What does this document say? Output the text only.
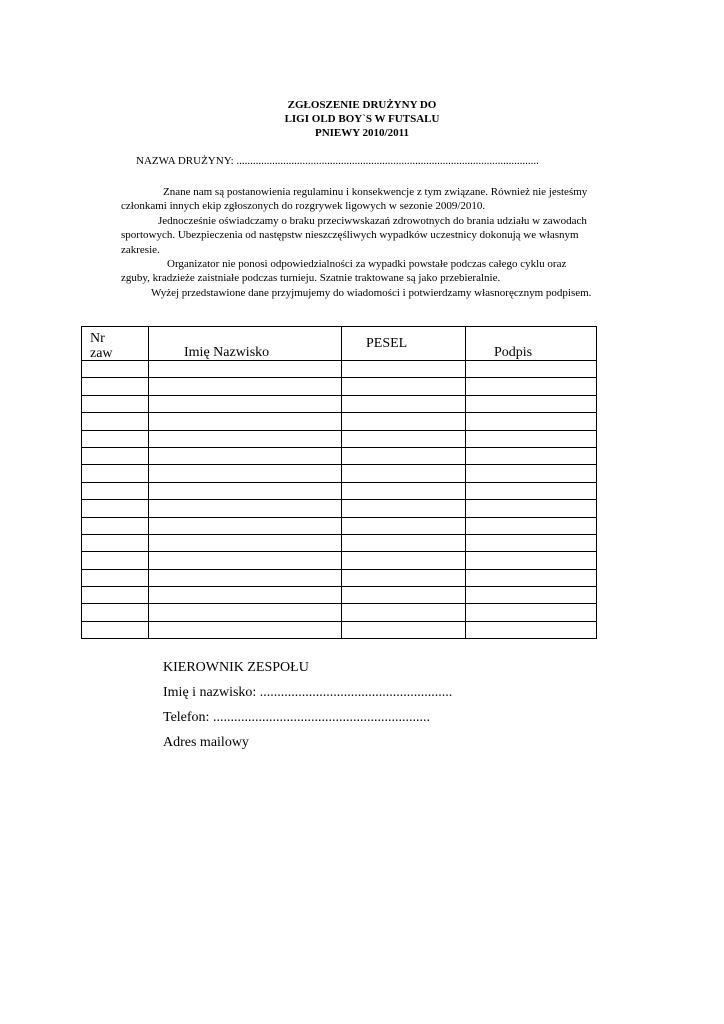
ZGŁOSZENIE DRUŻYNY DO
LIGI OLD BOY`S W FUTSALU
PNIEWY 2010/2011
NAZWA DRUŻYNY: ..............................................................................................................

Znane nam są postanowienia regulaminu i konsekwencje z tym związane. Również nie jesteśmy członkami innych ekip zgłoszonych do rozgrywek ligowych w sezonie 2009/2010.

Jednocześnie oświadczamy o braku przeciwwskazań zdrowotnych do brania udziału w zawodach sportowych. Ubezpieczenia od następstw nieszczęśliwych wypadków uczestnicy dokonują we własnym zakresie.

Organizator nie ponosi odpowiedzialności za wypadki powstałe podczas całego cyklu oraz zguby, kradzieże zaistniałe podczas turnieju. Szatnie traktowane są jako przebieralnie.

Wyżej przedstawione dane przyjmujemy do wiadomości i potwierdzamy własnoręcznym podpisem.

Nr
zaw	Imię Nazwisko	PESEL	Podpis

KIEROWNIK ZESPOŁU
Imię i nazwisko: .......................................................
Telefon: ..............................................................
Adres mailowy
